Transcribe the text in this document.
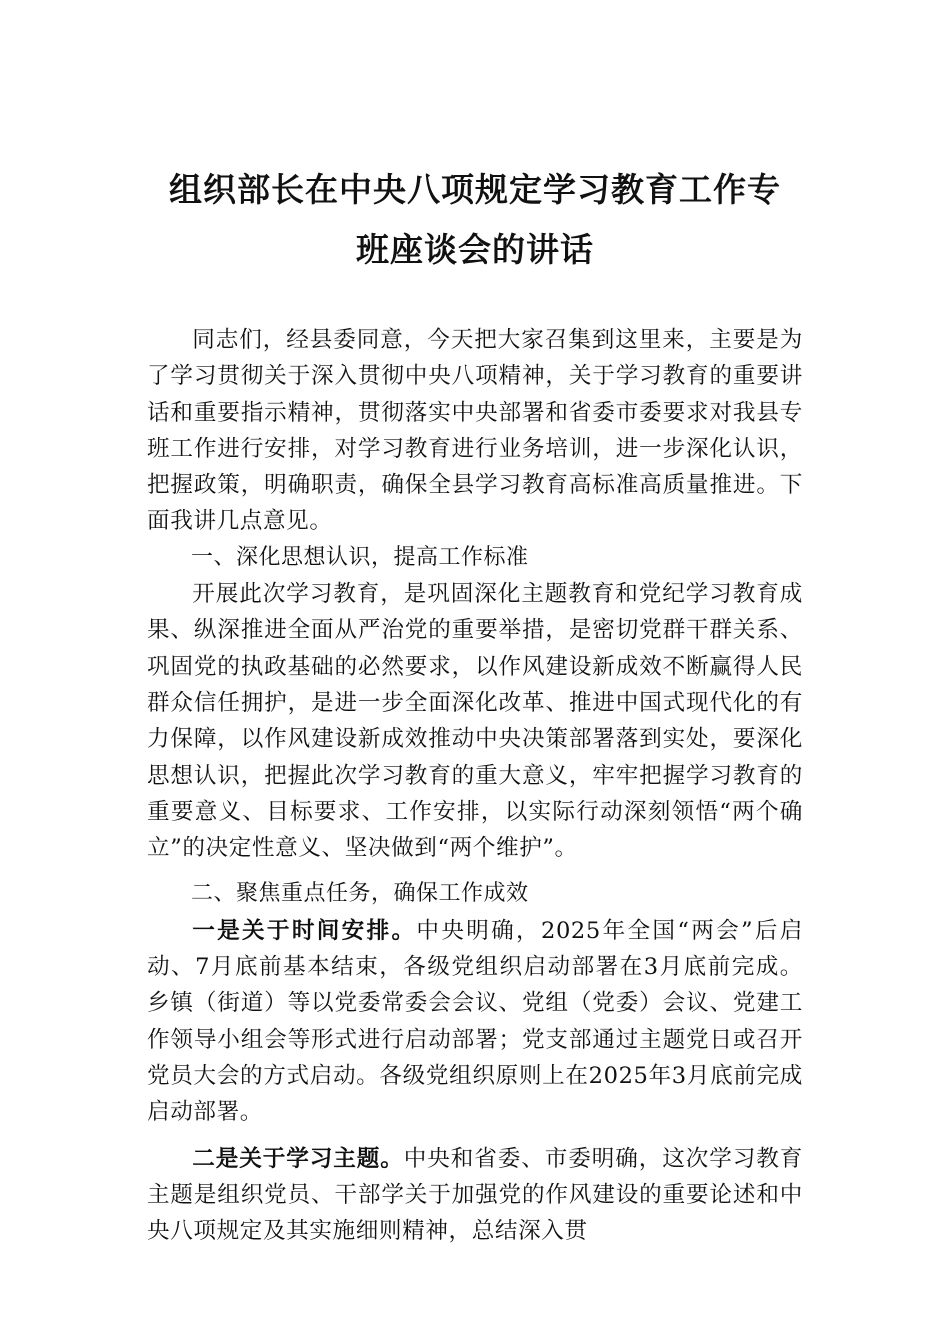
组织部长在中央八项规定学习教育工作专
班座谈会的讲话

同志们，经县委同意，今天把大家召集到这里来，主要是为了学习贯彻关于深入贯彻中央八项精神，关于学习教育的重要讲话和重要指示精神，贯彻落实中央部署和省委市委要求对我县专班工作进行安排，对学习教育进行业务培训，进一步深化认识，把握政策，明确职责，确保全县学习教育高标准高质量推进。下面我讲几点意见。

一、深化思想认识，提高工作标准

开展此次学习教育，是巩固深化主题教育和党纪学习教育成果、纵深推进全面从严治党的重要举措，是密切党群干群关系、巩固党的执政基础的必然要求，以作风建设新成效不断赢得人民群众信任拥护，是进一步全面深化改革、推进中国式现代化的有力保障，以作风建设新成效推动中央决策部署落到实处，要深化思想认识，把握此次学习教育的重大意义，牢牢把握学习教育的重要意义、目标要求、工作安排，以实际行动深刻领悟“两个确立”的决定性意义、坚决做到“两个维护”。

二、聚焦重点任务，确保工作成效

一是关于时间安排。中央明确，2025年全国“两会”后启动、7月底前基本结束，各级党组织启动部署在3月底前完成。乡镇（街道）等以党委常委会会议、党组（党委）会议、党建工作领导小组会等形式进行启动部署；党支部通过主题党日或召开党员大会的方式启动。各级党组织原则上在2025年3月底前完成启动部署。

二是关于学习主题。中央和省委、市委明确，这次学习教育主题是组织党员、干部学关于加强党的作风建设的重要论述和中央八项规定及其实施细则精神，总结深入贯
